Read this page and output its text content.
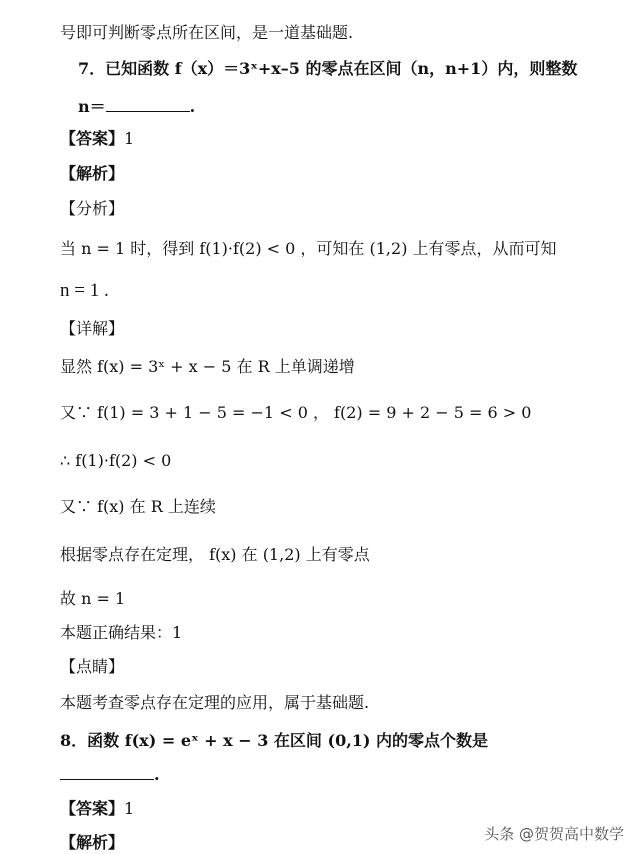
号即可判断零点所在区间，是一道基础题.
7．已知函数 f（x）＝3ˣ+x–5 的零点在区间（n，n+1）内，则整数
n＝	.
【答案】1
【解析】
【分析】
当 n = 1 时，得到 f(1)·f(2) < 0 ，可知在 (1,2) 上有零点，从而可知
n = 1 .
【详解】
显然 f(x) = 3ˣ + x − 5 在 R 上单调递增
又∵ f(1) = 3 + 1 − 5 = −1 < 0 ， f(2) = 9 + 2 − 5 = 6 > 0
∴ f(1)·f(2) < 0
又∵ f(x) 在 R 上连续
根据零点存在定理， f(x) 在 (1,2) 上有零点
故 n = 1
本题正确结果：1
【点睛】
本题考查零点存在定理的应用，属于基础题.
8．函数 f(x) = eˣ + x − 3 在区间 (0,1) 内的零点个数是
.
【答案】1
【解析】	头条 @贺贺高中数学
